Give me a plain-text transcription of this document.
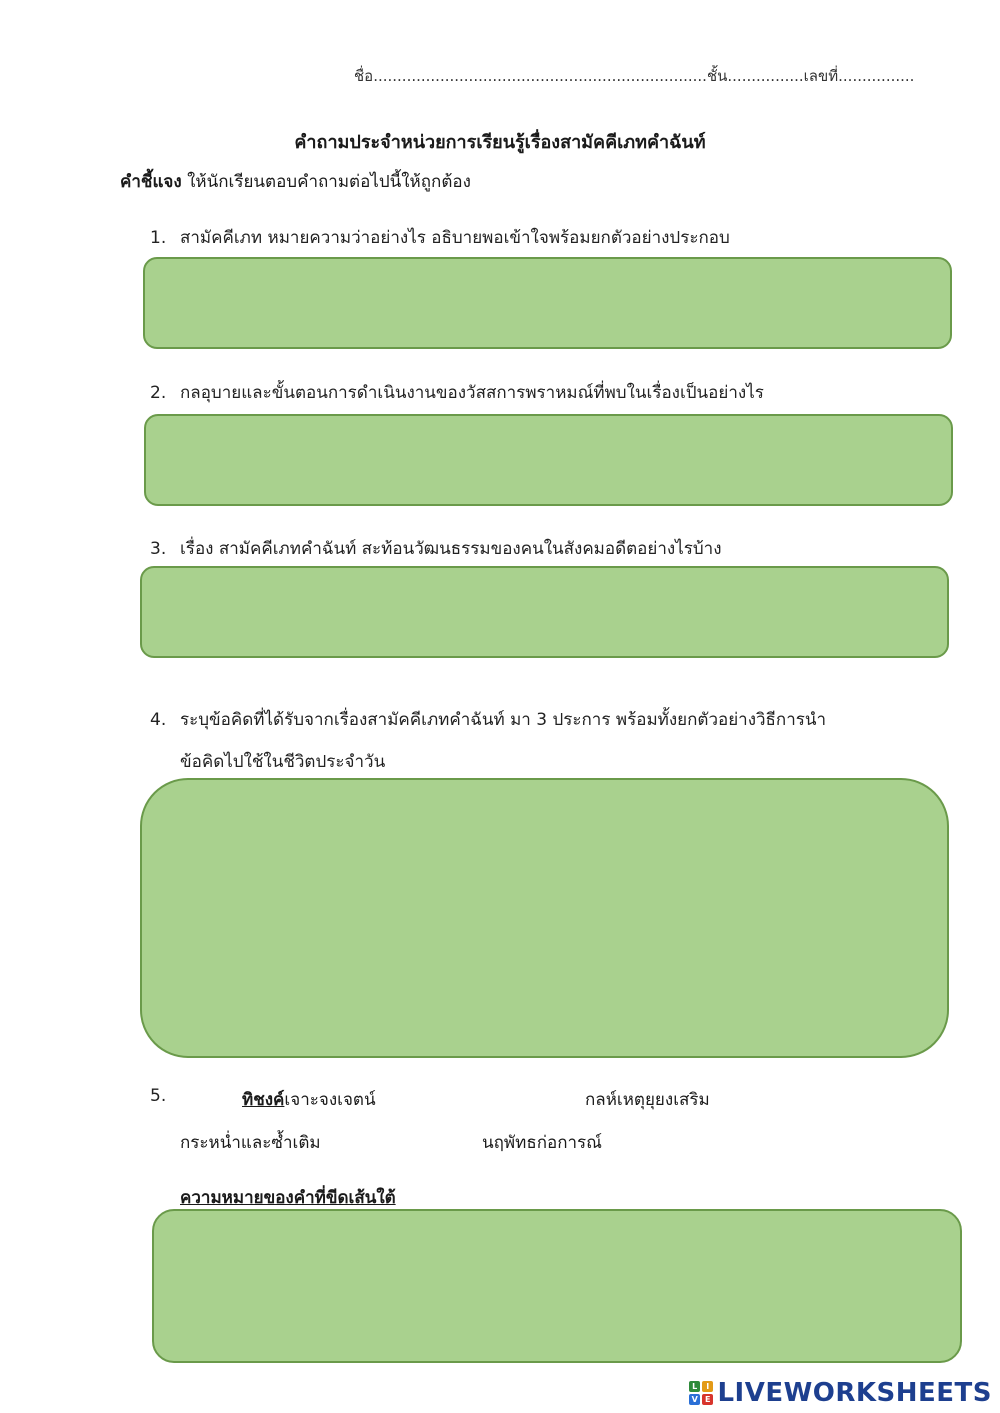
ชื่อ......................................................................ชั้น................เลขที่................
คำถามประจำหน่วยการเรียนรู้เรื่องสามัคคีเภทคำฉันท์
คำชี้แจง ให้นักเรียนตอบคำถามต่อไปนี้ให้ถูกต้อง
1. สามัคคีเภท หมายความว่าอย่างไร อธิบายพอเข้าใจพร้อมยกตัวอย่างประกอบ
2. กลอุบายและขั้นตอนการดำเนินงานของวัสสการพราหมณ์ที่พบในเรื่องเป็นอย่างไร
3. เรื่อง สามัคคีเภทคำฉันท์ สะท้อนวัฒนธรรมของคนในสังคมอดีตอย่างไรบ้าง
4. ระบุข้อคิดที่ได้รับจากเรื่องสามัคคีเภทคำฉันท์ มา 3 ประการ พร้อมทั้งยกตัวอย่างวิธีการนำ
ข้อคิดไปใช้ในชีวิตประจำวัน
5.	ทิชงค์เจาะจงเจตน์	กลห์เหตุยุยงเสริม
กระหน่ำและซ้ำเติม	นฤพัทธก่อการณ์
ความหมายของคำที่ขีดเส้นใต้
L	I
V E LIVEWORKSHEETS
